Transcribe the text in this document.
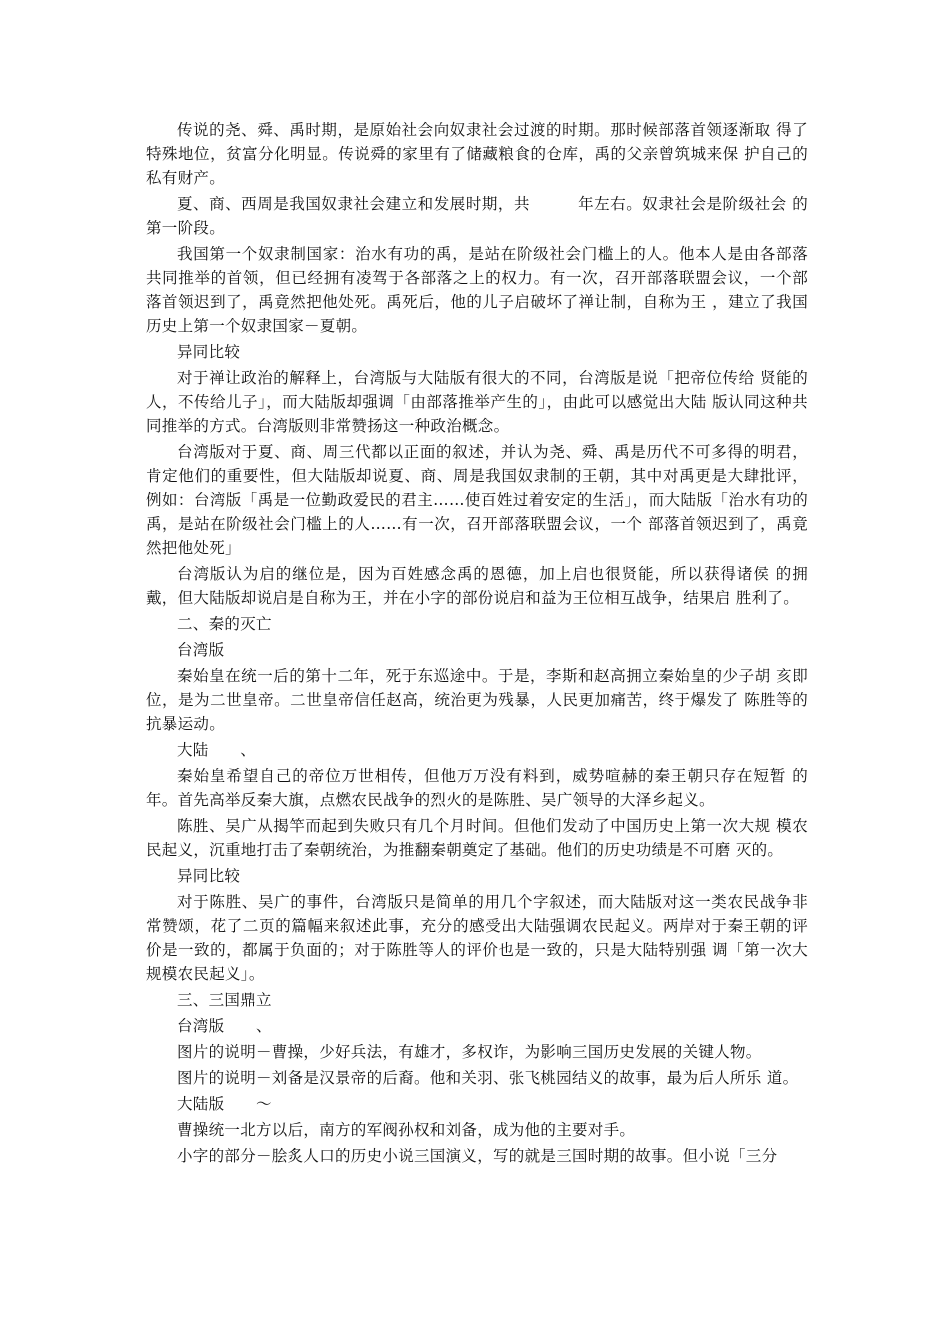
传说的尧、舜、禹时期，是原始社会向奴隶社会过渡的时期。那时候部落首领逐渐取 得了特殊地位，贫富分化明显。传说舜的家里有了储藏粮食的仓库，禹的父亲曾筑城来保 护自己的私有财产。

夏、商、西周是我国奴隶社会建立和发展时期，共　　　年左右。奴隶社会是阶级社会 的第一阶段。

我国第一个奴隶制国家：治水有功的禹，是站在阶级社会门槛上的人。他本人是由各部落共同推举的首领，但已经拥有凌驾于各部落之上的权力。有一次，召开部落联盟会议，一个部落首领迟到了，禹竟然把他处死。禹死后，他的儿子启破坏了禅让制，自称为王 ，建立了我国历史上第一个奴隶国家－夏朝。

异同比较

对于禅让政治的解释上，台湾版与大陆版有很大的不同，台湾版是说「把帝位传给 贤能的人，不传给儿子」，而大陆版却强调「由部落推举产生的」，由此可以感觉出大陆 版认同这种共同推举的方式。台湾版则非常赞扬这一种政治概念。

台湾版对于夏、商、周三代都以正面的叙述，并认为尧、舜、禹是历代不可多得的明君，肯定他们的重要性，但大陆版却说夏、商、周是我国奴隶制的王朝，其中对禹更是大肆批评，例如：台湾版「禹是一位勤政爱民的君主……使百姓过着安定的生活」，而大陆版「治水有功的禹，是站在阶级社会门槛上的人……有一次，召开部落联盟会议，一个 部落首领迟到了，禹竟然把他处死」

台湾版认为启的继位是，因为百姓感念禹的恩德，加上启也很贤能，所以获得诸侯 的拥戴，但大陆版却说启是自称为王，并在小字的部份说启和益为王位相互战争，结果启 胜利了。

二、秦的灭亡

台湾版

秦始皇在统一后的第十二年，死于东巡途中。于是，李斯和赵高拥立秦始皇的少子胡 亥即位，是为二世皇帝。二世皇帝信任赵高，统治更为残暴，人民更加痛苦，终于爆发了 陈胜等的抗暴运动。

大陆　　、

秦始皇希望自己的帝位万世相传，但他万万没有料到，威势喧赫的秦王朝只存在短暂 的　年。首先高举反秦大旗，点燃农民战争的烈火的是陈胜、吴广领导的大泽乡起义。

陈胜、吴广从揭竿而起到失败只有几个月时间。但他们发动了中国历史上第一次大规 模农民起义，沉重地打击了秦朝统治，为推翻秦朝奠定了基础。他们的历史功绩是不可磨 灭的。

异同比较

对于陈胜、吴广的事件，台湾版只是简单的用几个字叙述，而大陆版对这一类农民战争非常赞颂，花了二页的篇幅来叙述此事，充分的感受出大陆强调农民起义。两岸对于秦王朝的评价是一致的，都属于负面的；对于陈胜等人的评价也是一致的，只是大陆特别强 调「第一次大规模农民起义」。

三、三国鼎立

台湾版　　、

图片的说明－曹操，少好兵法，有雄才，多权诈，为影响三国历史发展的关键人物。

图片的说明－刘备是汉景帝的后裔。他和关羽、张飞桃园结义的故事，最为后人所乐 道。

大陆版　　～

曹操统一北方以后，南方的军阀孙权和刘备，成为他的主要对手。

小字的部分－脍炙人口的历史小说三国演义，写的就是三国时期的故事。但小说「三分
